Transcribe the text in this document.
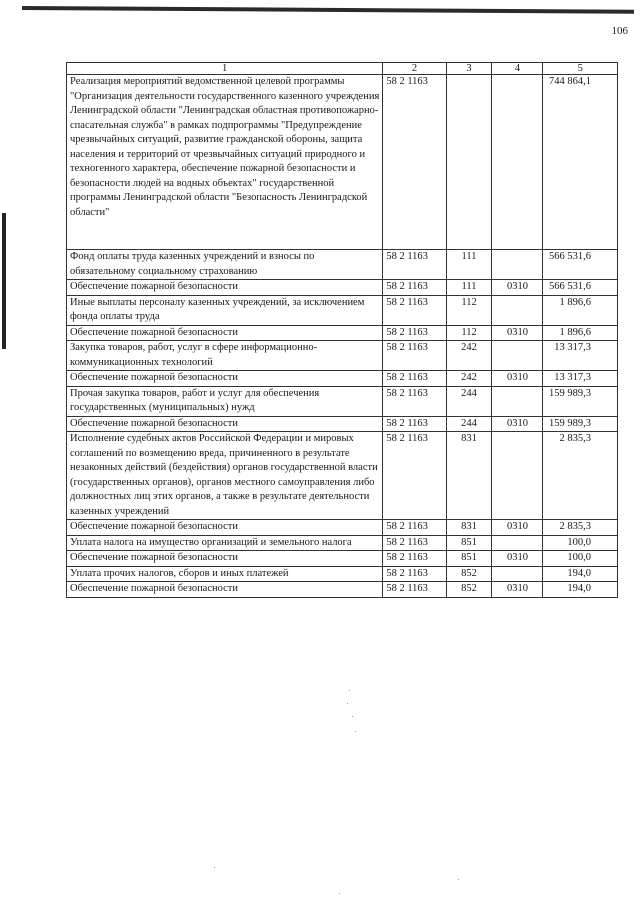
106
1	2	3	4	5
Реализация мероприятий ведомственной целевой программы "Организация деятельности государственного казенного учреждения Ленинградской области "Ленинградская областная противопожарно-спасательная служба" в рамках подпрограммы "Предупреждение чрезвычайных ситуаций, развитие гражданской обороны, защита населения и территорий от чрезвычайных ситуаций природного и техногенного характера, обеспечение пожарной безопасности и безопасности людей на водных объектах" государственной программы Ленинградской области "Безопасность Ленинградской области"	58 2 1163			744 864,1
Фонд оплаты труда казенных учреждений и взносы по обязательному социальному страхованию	58 2 1163	111		566 531,6
Обеспечение пожарной безопасности	58 2 1163	111	0310	566 531,6
Иные выплаты персоналу казенных учреждений, за исключением фонда оплаты труда	58 2 1163	112		1 896,6
Обеспечение пожарной безопасности	58 2 1163	112	0310	1 896,6
Закупка товаров, работ, услуг в сфере информационно-коммуникационных технологий	58 2 1163	242		13 317,3
Обеспечение пожарной безопасности	58 2 1163	242	0310	13 317,3
Прочая закупка товаров, работ и услуг для обеспечения государственных (муниципальных) нужд	58 2 1163	244		159 989,3
Обеспечение пожарной безопасности	58 2 1163	244	0310	159 989,3
Исполнение судебных актов Российской Федерации и мировых соглашений по возмещению вреда, причиненного в результате незаконных действий (бездействия) органов государственной власти (государственных органов), органов местного самоуправления либо должностных лиц этих органов, а также в результате деятельности казенных учреждений	58 2 1163	831		2 835,3
Обеспечение пожарной безопасности	58 2 1163	831	0310	2 835,3
Уплата налога на имущество организаций и земельного налога	58 2 1163	851		100,0
Обеспечение пожарной безопасности	58 2 1163	851	0310	100,0
Уплата прочих налогов, сборов и иных платежей	58 2 1163	852		194,0
Обеспечение пожарной безопасности	58 2 1163	852	0310	194,0
